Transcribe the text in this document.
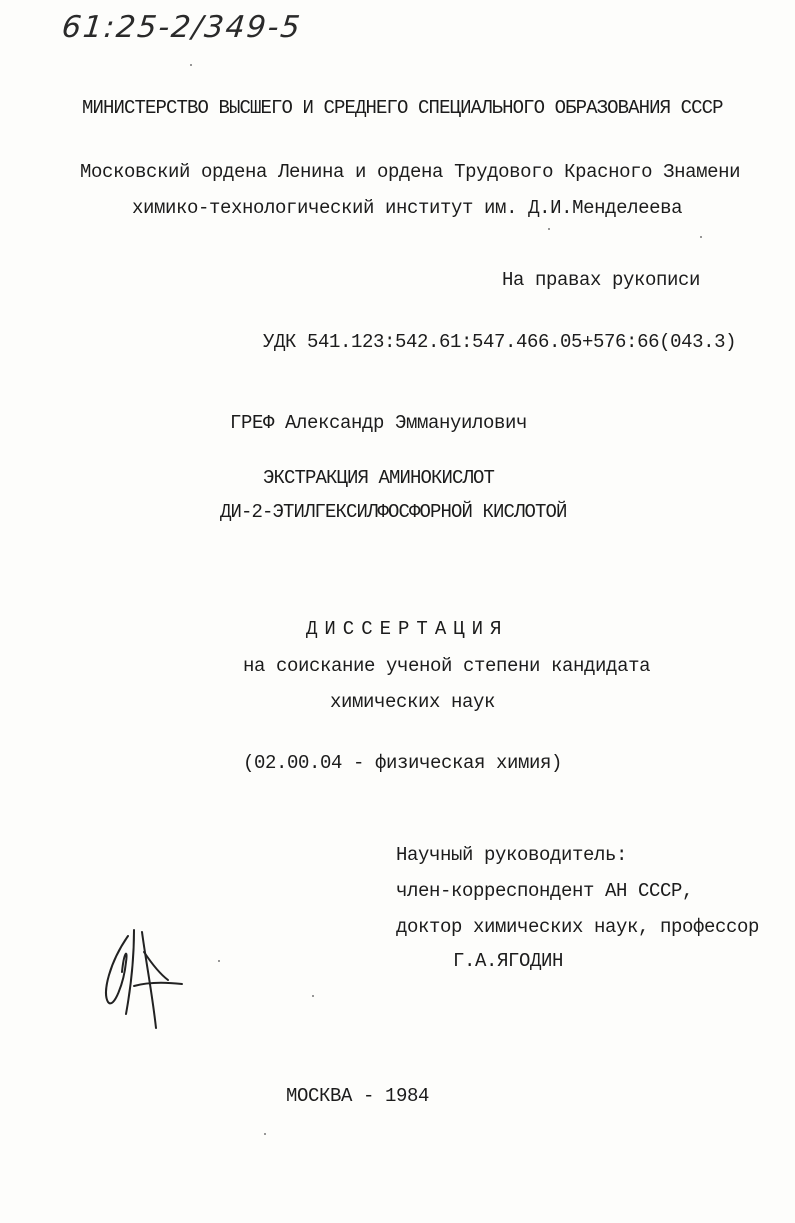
61:25-2/349-5
МИНИСТЕРСТВО ВЫСШЕГО И СРЕДНЕГО СПЕЦИАЛЬНОГО ОБРАЗОВАНИЯ СССР
Московский ордена Ленина и ордена Трудового Красного Знамени
химико-технологический институт им. Д.И.Менделеева
На правах рукописи
УДК 541.123:542.61:547.466.05+576:66(043.3)
ГРЕФ Александр Эммануилович
ЭКСТРАКЦИЯ АМИНОКИСЛОТ
ДИ-2-ЭТИЛГЕКСИЛФОСФОРНОЙ КИСЛОТОЙ
ДИССЕРТАЦИЯ
на соискание ученой степени кандидата
химических наук
(02.00.04 - физическая химия)
Научный руководитель:
член-корреспондент АН СССР,
доктор химических наук, профессор
Г.А.ЯГОДИН
МОСКВА - 1984
